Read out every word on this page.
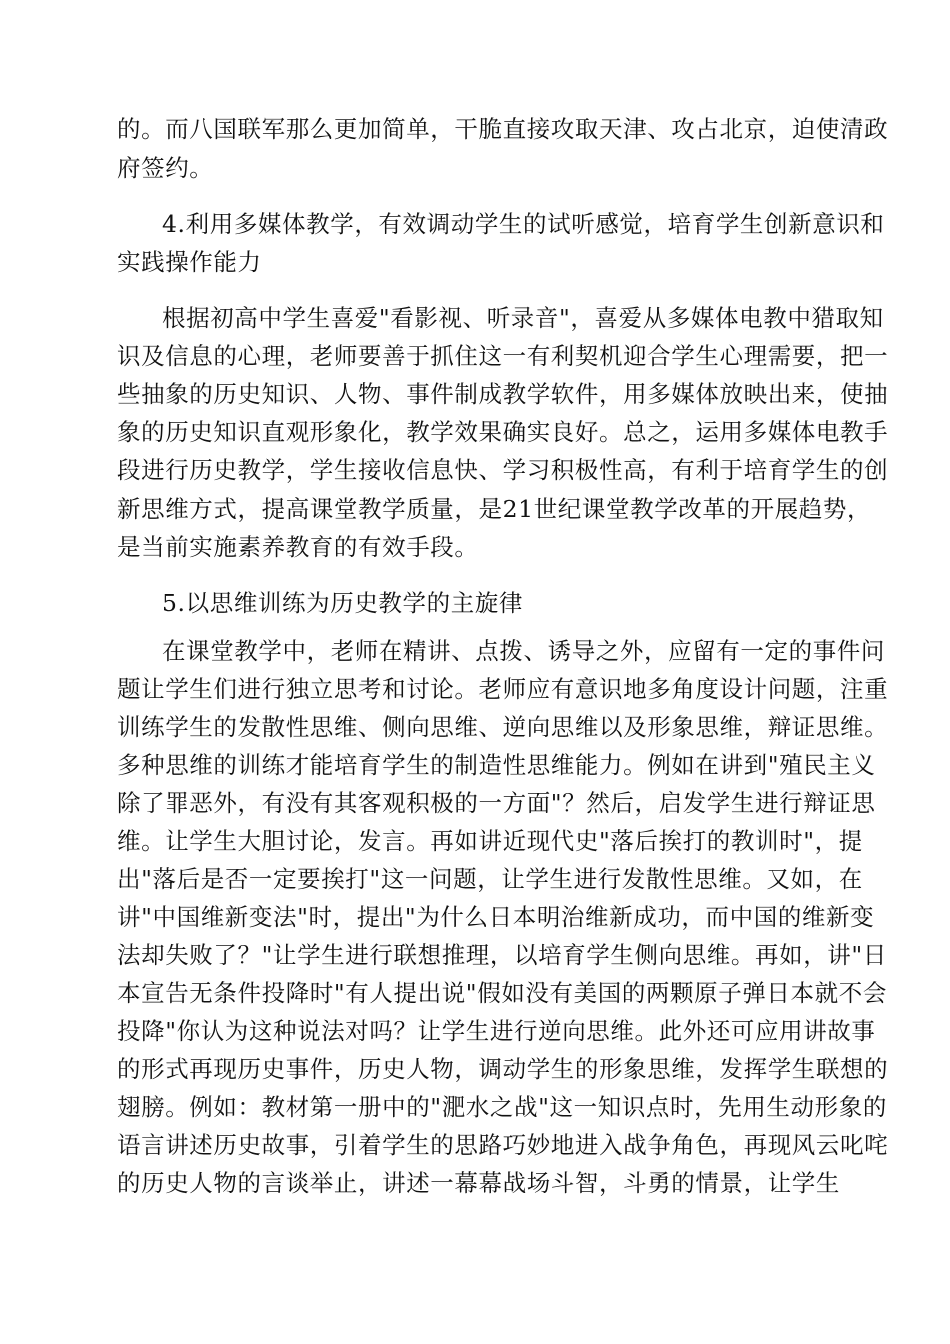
的。而八国联军那么更加简单，干脆直接攻取天津、攻占北京，迫使清政

府签约。

4.利用多媒体教学，有效调动学生的试听感觉，培育学生创新意识和

实践操作能力

根据初高中学生喜爱"看影视、听录音"，喜爱从多媒体电教中猎取知

识及信息的心理，老师要善于抓住这一有利契机迎合学生心理需要，把一

些抽象的历史知识、人物、事件制成教学软件，用多媒体放映出来，使抽

象的历史知识直观形象化，教学效果确实良好。总之，运用多媒体电教手

段进行历史教学，学生接收信息快、学习积极性高，有利于培育学生的创

新思维方式，提高课堂教学质量，是21世纪课堂教学改革的开展趋势，

是当前实施素养教育的有效手段。

5.以思维训练为历史教学的主旋律

在课堂教学中，老师在精讲、点拨、诱导之外，应留有一定的事件问

题让学生们进行独立思考和讨论。老师应有意识地多角度设计问题，注重

训练学生的发散性思维、侧向思维、逆向思维以及形象思维，辩证思维。

多种思维的训练才能培育学生的制造性思维能力。例如在讲到"殖民主义

除了罪恶外，有没有其客观积极的一方面"？然后，启发学生进行辩证思

维。让学生大胆讨论，发言。再如讲近现代史"落后挨打的教训时"，提

出"落后是否一定要挨打"这一问题，让学生进行发散性思维。又如，在

讲"中国维新变法"时，提出"为什么日本明治维新成功，而中国的维新变

法却失败了？"让学生进行联想推理，以培育学生侧向思维。再如，讲"日

本宣告无条件投降时"有人提出说"假如没有美国的两颗原子弹日本就不会

投降"你认为这种说法对吗？让学生进行逆向思维。此外还可应用讲故事

的形式再现历史事件，历史人物，调动学生的形象思维，发挥学生联想的

翅膀。例如：教材第一册中的"淝水之战"这一知识点时，先用生动形象的

语言讲述历史故事，引着学生的思路巧妙地进入战争角色，再现风云叱咤

的历史人物的言谈举止，讲述一幕幕战场斗智，斗勇的情景，让学生
